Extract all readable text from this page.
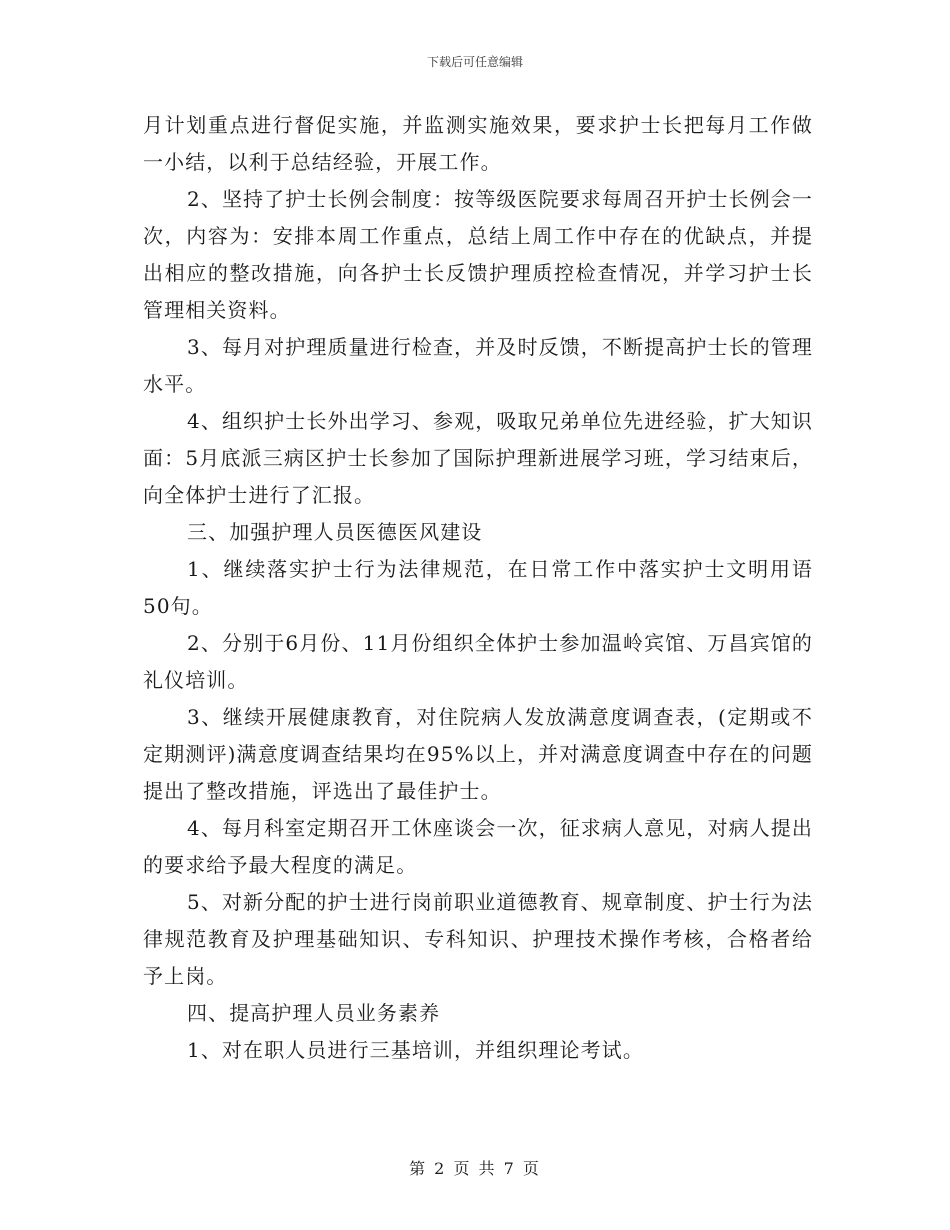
下载后可任意编辑

月计划重点进行督促实施，并监测实施效果，要求护士长把每月工作做一小结，以利于总结经验，开展工作。

2、坚持了护士长例会制度：按等级医院要求每周召开护士长例会一次，内容为：安排本周工作重点，总结上周工作中存在的优缺点，并提出相应的整改措施，向各护士长反馈护理质控检查情况，并学习护士长管理相关资料。

3、每月对护理质量进行检查，并及时反馈，不断提高护士长的管理水平。

4、组织护士长外出学习、参观，吸取兄弟单位先进经验，扩大知识面：5月底派三病区护士长参加了国际护理新进展学习班，学习结束后，向全体护士进行了汇报。

三、加强护理人员医德医风建设

1、继续落实护士行为法律规范，在日常工作中落实护士文明用语50句。

2、分别于6月份、11月份组织全体护士参加温岭宾馆、万昌宾馆的礼仪培训。

3、继续开展健康教育，对住院病人发放满意度调查表，(定期或不定期测评)满意度调查结果均在95%以上，并对满意度调查中存在的问题提出了整改措施，评选出了最佳护士。

4、每月科室定期召开工休座谈会一次，征求病人意见，对病人提出的要求给予最大程度的满足。

5、对新分配的护士进行岗前职业道德教育、规章制度、护士行为法律规范教育及护理基础知识、专科知识、护理技术操作考核，合格者给予上岗。

四、提高护理人员业务素养

1、对在职人员进行三基培训，并组织理论考试。

第 2 页 共 7 页
